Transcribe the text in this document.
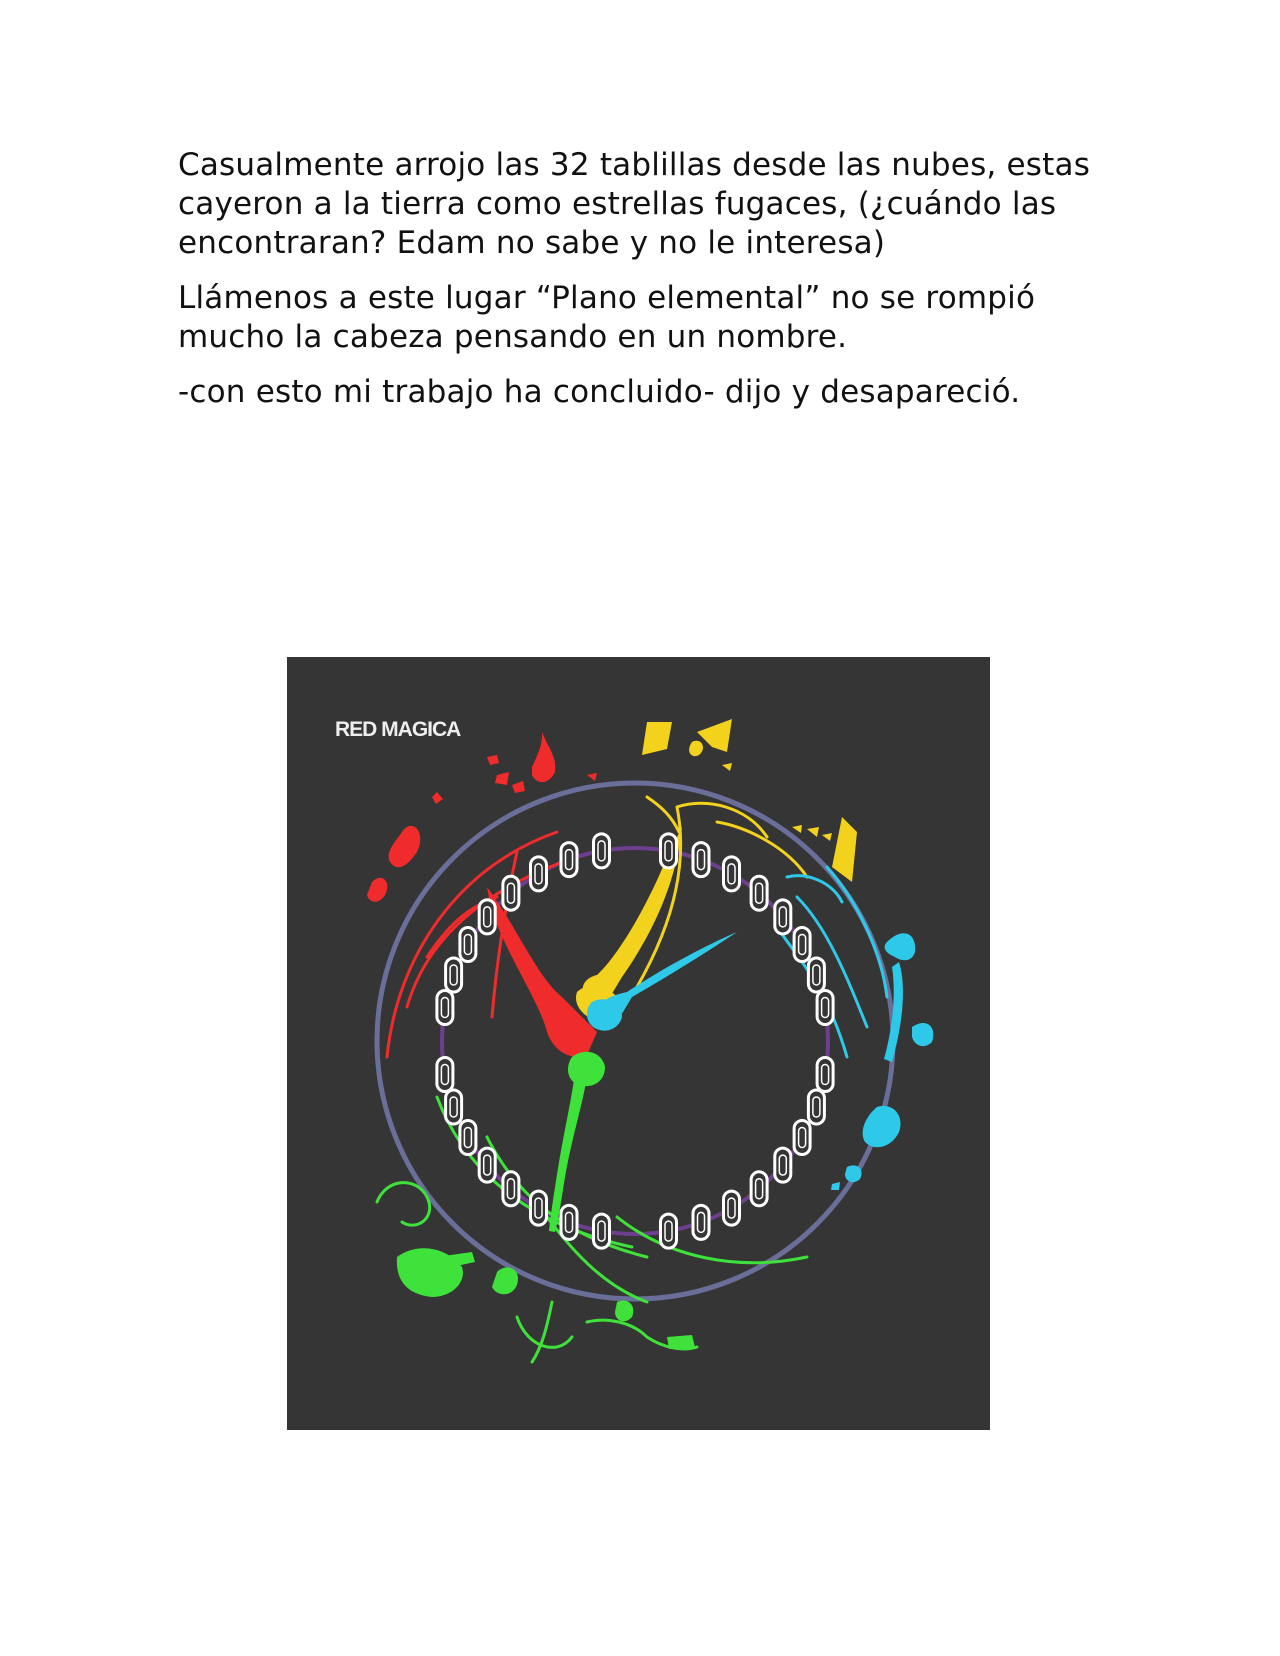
Casualmente arrojo las 32 tablillas desde las nubes, estas cayeron a la tierra como estrellas fugaces, (¿cuándo las encontraran? Edam no sabe y no le interesa)

Llámenos a este lugar “Plano elemental” no se rompió mucho la cabeza pensando en un nombre.

-con esto mi trabajo ha concluido- dijo y desapareció.

RED MAGICA
